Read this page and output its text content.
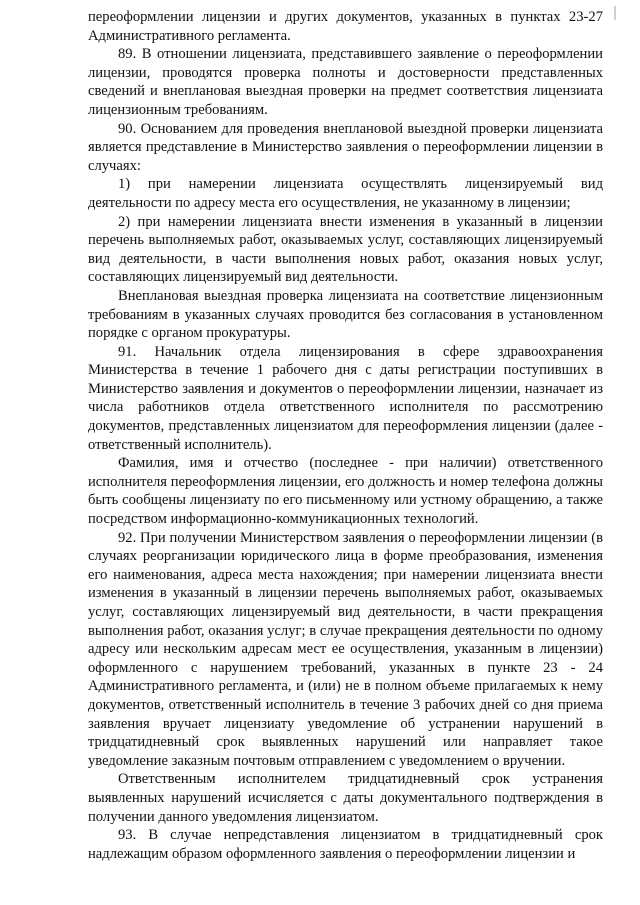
переоформлении лицензии и других документов, указанных в пунктах 23-27 Административного регламента.

89. В отношении лицензиата, представившего заявление о переоформлении лицензии, проводятся проверка полноты и достоверности представленных сведений и внеплановая выездная проверки на предмет соответствия лицензиата лицензионным требованиям.

90. Основанием для проведения внеплановой выездной проверки лицензиата является представление в Министерство заявления о переоформлении лицензии в случаях:

1) при намерении лицензиата осуществлять лицензируемый вид деятельности по адресу места его осуществления, не указанному в лицензии;

2) при намерении лицензиата внести изменения в указанный в лицензии перечень выполняемых работ, оказываемых услуг, составляющих лицензируемый вид деятельности, в части выполнения новых работ, оказания новых услуг, составляющих лицензируемый вид деятельности.

Внеплановая выездная проверка лицензиата на соответствие лицензионным требованиям в указанных случаях проводится без согласования в установленном порядке с органом прокуратуры.

91. Начальник отдела лицензирования в сфере здравоохранения Министерства в течение 1 рабочего дня с даты регистрации поступивших в Министерство заявления и документов о переоформлении лицензии, назначает из числа работников отдела ответственного исполнителя по рассмотрению документов, представленных лицензиатом для переоформления лицензии (далее - ответственный исполнитель).

Фамилия, имя и отчество (последнее - при наличии) ответственного исполнителя переоформления лицензии, его должность и номер телефона должны быть сообщены лицензиату по его письменному или устному обращению, а также посредством информационно-коммуникационных технологий.

92. При получении Министерством заявления о переоформлении лицензии (в случаях реорганизации юридического лица в форме преобразования, изменения его наименования, адреса места нахождения; при намерении лицензиата внести изменения в указанный в лицензии перечень выполняемых работ, оказываемых услуг, составляющих лицензируемый вид деятельности, в части прекращения выполнения работ, оказания услуг; в случае прекращения деятельности по одному адресу или нескольким адресам мест ее осуществления, указанным в лицензии) оформленного с нарушением требований, указанных в пункте 23 - 24 Административного регламента, и (или) не в полном объеме прилагаемых к нему документов, ответственный исполнитель в течение 3 рабочих дней со дня приема заявления вручает лицензиату уведомление об устранении нарушений в тридцатидневный срок выявленных нарушений или направляет такое уведомление заказным почтовым отправлением с уведомлением о вручении.

Ответственным исполнителем тридцатидневный срок устранения выявленных нарушений исчисляется с даты документального подтверждения в получении данного уведомления лицензиатом.

93. В случае непредставления лицензиатом в тридцатидневный срок надлежащим образом оформленного заявления о переоформлении лицензии и
